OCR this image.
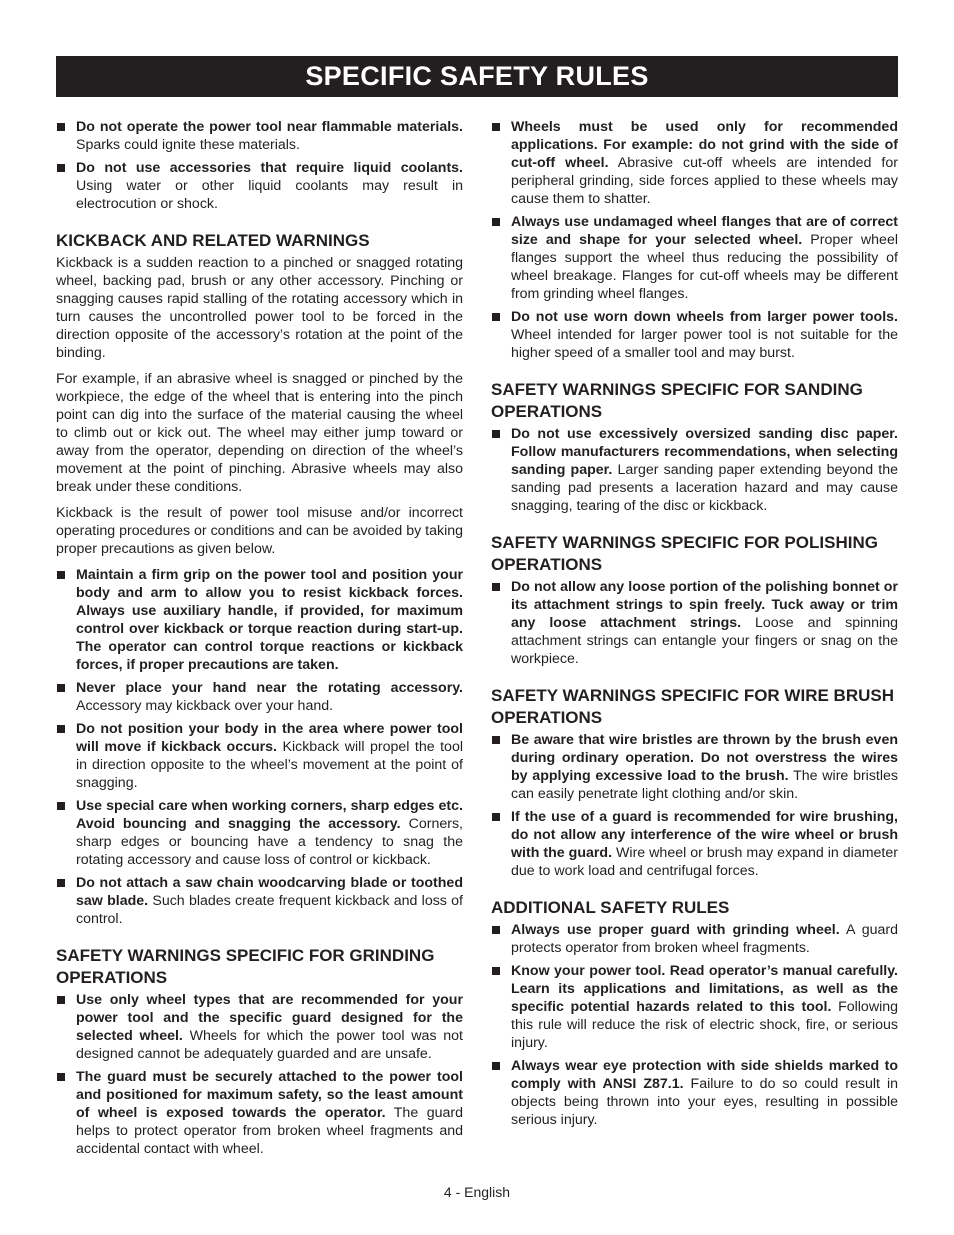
SPECIFIC SAFETY RULES
Do not operate the power tool near flammable materials. Sparks could ignite these materials.
Do not use accessories that require liquid coolants. Using water or other liquid coolants may result in electrocution or shock.
KICKBACK AND RELATED WARNINGS

Kickback is a sudden reaction to a pinched or snagged rotating wheel, backing pad, brush or any other accessory. Pinching or snagging causes rapid stalling of the rotating accessory which in turn causes the uncontrolled power tool to be forced in the direction opposite of the accessory’s rotation at the point of the binding.

For example, if an abrasive wheel is snagged or pinched by the workpiece, the edge of the wheel that is entering into the pinch point can dig into the surface of the material causing the wheel to climb out or kick out. The wheel may either jump toward or away from the operator, depending on direction of the wheel’s movement at the point of pinching. Abrasive wheels may also break under these conditions.

Kickback is the result of power tool misuse and/or incorrect operating procedures or conditions and can be avoided by taking proper precautions as given below.

Maintain a firm grip on the power tool and position your body and arm to allow you to resist kickback forces. Always use auxiliary handle, if provided, for maximum control over kickback or torque reaction during start-up. The operator can control torque reactions or kickback forces, if proper precautions are taken.
Never place your hand near the rotating accessory. Accessory may kickback over your hand.
Do not position your body in the area where power tool will move if kickback occurs. Kickback will propel the tool in direction opposite to the wheel’s movement at the point of snagging.
Use special care when working corners, sharp edges etc. Avoid bouncing and snagging the accessory. Corners, sharp edges or bouncing have a tendency to snag the rotating accessory and cause loss of control or kickback.
Do not attach a saw chain woodcarving blade or toothed saw blade. Such blades create frequent kickback and loss of control.
SAFETY WARNINGS SPECIFIC FOR GRINDING OPERATIONS
Use only wheel types that are recommended for your power tool and the specific guard designed for the selected wheel. Wheels for which the power tool was not designed cannot be adequately guarded and are unsafe.
The guard must be securely attached to the power tool and positioned for maximum safety, so the least amount of wheel is exposed towards the operator. The guard helps to protect operator from broken wheel fragments and accidental contact with wheel.
Wheels must be used only for recommended applications. For example: do not grind with the side of cut-off wheel. Abrasive cut-off wheels are intended for peripheral grinding, side forces applied to these wheels may cause them to shatter.
Always use undamaged wheel flanges that are of correct size and shape for your selected wheel. Proper wheel flanges support the wheel thus reducing the possibility of wheel breakage. Flanges for cut-off wheels may be different from grinding wheel flanges.
Do not use worn down wheels from larger power tools. Wheel intended for larger power tool is not suitable for the higher speed of a smaller tool and may burst.
SAFETY WARNINGS SPECIFIC FOR SANDING OPERATIONS
Do not use excessively oversized sanding disc paper. Follow manufacturers recommendations, when selecting sanding paper. Larger sanding paper extending beyond the sanding pad presents a laceration hazard and may cause snagging, tearing of the disc or kickback.
SAFETY WARNINGS SPECIFIC FOR POLISHING OPERATIONS
Do not allow any loose portion of the polishing bonnet or its attachment strings to spin freely. Tuck away or trim any loose attachment strings. Loose and spinning attachment strings can entangle your fingers or snag on the workpiece.
SAFETY WARNINGS SPECIFIC FOR WIRE BRUSH OPERATIONS
Be aware that wire bristles are thrown by the brush even during ordinary operation. Do not overstress the wires by applying excessive load to the brush. The wire bristles can easily penetrate light clothing and/or skin.
If the use of a guard is recommended for wire brushing, do not allow any interference of the wire wheel or brush with the guard. Wire wheel or brush may expand in diameter due to work load and centrifugal forces.
ADDITIONAL SAFETY RULES
Always use proper guard with grinding wheel. A guard protects operator from broken wheel fragments.
Know your power tool. Read operator’s manual carefully. Learn its applications and limitations, as well as the specific potential hazards related to this tool. Following this rule will reduce the risk of electric shock, fire, or serious injury.
Always wear eye protection with side shields marked to comply with ANSI Z87.1. Failure to do so could result in objects being thrown into your eyes, resulting in possible serious injury.
4 - English
